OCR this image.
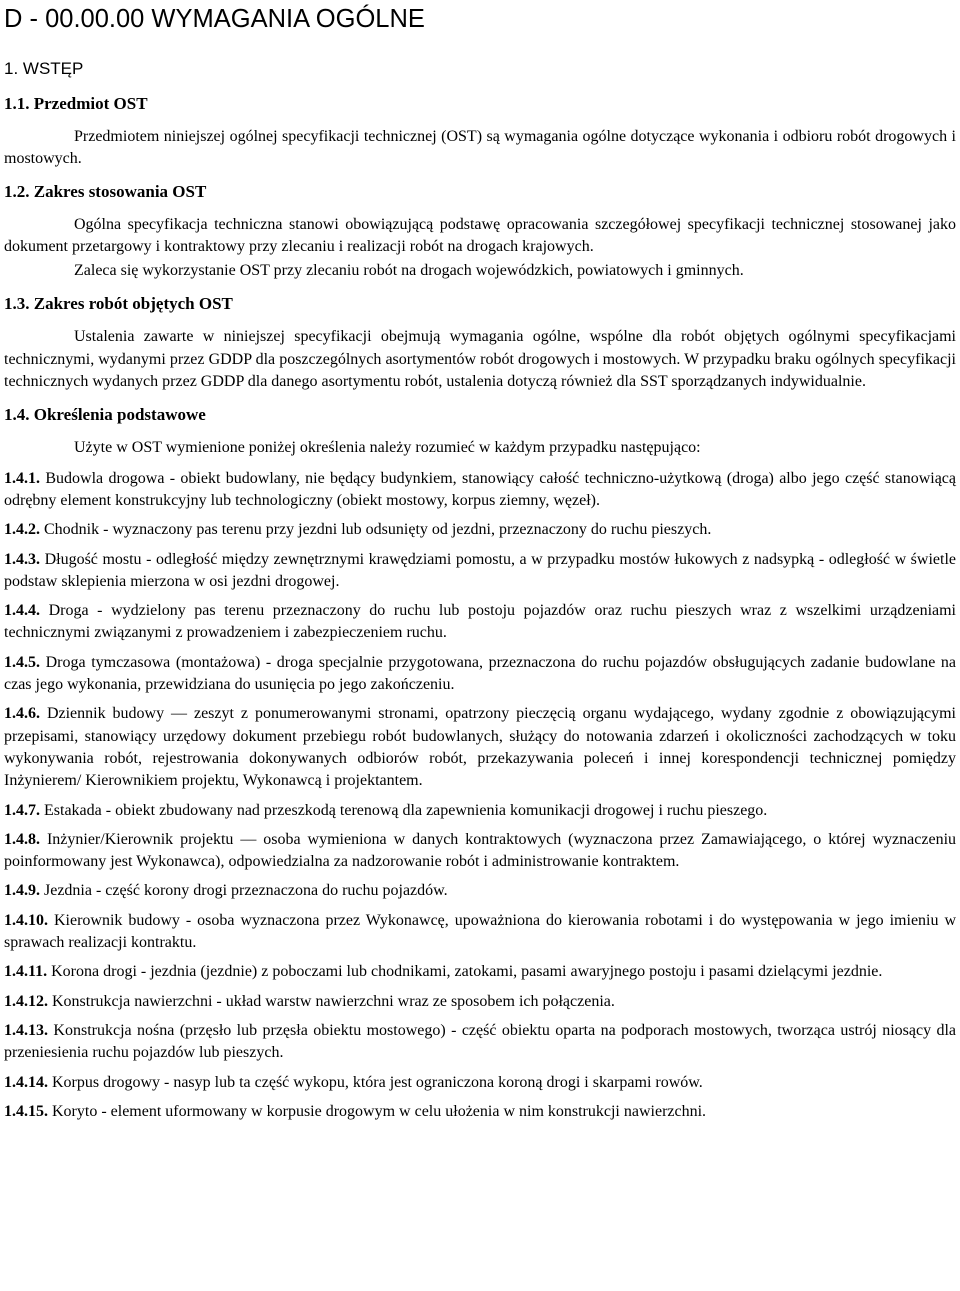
D - 00.00.00 WYMAGANIA OGÓLNE
1. WSTĘP
1.1. Przedmiot OST

Przedmiotem niniejszej ogólnej specyfikacji technicznej (OST) są wymagania ogólne dotyczące wykonania i odbioru robót drogowych i mostowych.

1.2. Zakres stosowania OST

Ogólna specyfikacja techniczna stanowi obowiązującą podstawę opracowania szczegółowej specyfikacji technicznej stosowanej jako dokument przetargowy i kontraktowy przy zlecaniu i realizacji robót na drogach krajowych.

Zaleca się wykorzystanie OST przy zlecaniu robót na drogach wojewódzkich, powiatowych i gminnych.

1.3. Zakres robót objętych OST

Ustalenia zawarte w niniejszej specyfikacji obejmują wymagania ogólne, wspólne dla robót objętych ogólnymi specyfikacjami technicznymi, wydanymi przez GDDP dla poszczególnych asortymentów robót drogowych i mostowych. W przypadku braku ogólnych specyfikacji technicznych wydanych przez GDDP dla danego asortymentu robót, ustalenia dotyczą również dla SST sporządzanych indywidualnie.

1.4. Określenia podstawowe

Użyte w OST wymienione poniżej określenia należy rozumieć w każdym przypadku następująco:

1.4.1. Budowla drogowa - obiekt budowlany, nie będący budynkiem, stanowiący całość techniczno-użytkową (droga) albo jego część stanowiącą odrębny element konstrukcyjny lub technologiczny (obiekt mostowy, korpus ziemny, węzeł).

1.4.2. Chodnik - wyznaczony pas terenu przy jezdni lub odsunięty od jezdni, przeznaczony do ruchu pieszych.

1.4.3. Długość mostu - odległość między zewnętrznymi krawędziami pomostu, a w przypadku mostów łukowych z nadsypką - odległość w świetle podstaw sklepienia mierzona w osi jezdni drogowej.

1.4.4. Droga - wydzielony pas terenu przeznaczony do ruchu lub postoju pojazdów oraz ruchu pieszych wraz z wszelkimi urządzeniami technicznymi związanymi z prowadzeniem i zabezpieczeniem ruchu.

1.4.5. Droga tymczasowa (montażowa) - droga specjalnie przygotowana, przeznaczona do ruchu pojazdów obsługujących zadanie budowlane na czas jego wykonania, przewidziana do usunięcia po jego zakończeniu.

1.4.6. Dziennik budowy — zeszyt z ponumerowanymi stronami, opatrzony pieczęcią organu wydającego, wydany zgodnie z obowiązującymi przepisami, stanowiący urzędowy dokument przebiegu robót budowlanych, służący do notowania zdarzeń i okoliczności zachodzących w toku wykonywania robót, rejestrowania dokonywanych odbiorów robót, przekazywania poleceń i innej korespondencji technicznej pomiędzy Inżynierem/ Kierownikiem projektu, Wykonawcą i projektantem.

1.4.7. Estakada - obiekt zbudowany nad przeszkodą terenową dla zapewnienia komunikacji drogowej i ruchu pieszego.

1.4.8. Inżynier/Kierownik projektu — osoba wymieniona w danych kontraktowych (wyznaczona przez Zamawiającego, o której wyznaczeniu poinformowany jest Wykonawca), odpowiedzialna za nadzorowanie robót i administrowanie kontraktem.

1.4.9. Jezdnia - część korony drogi przeznaczona do ruchu pojazdów.

1.4.10. Kierownik budowy - osoba wyznaczona przez Wykonawcę, upoważniona do kierowania robotami i do występowania w jego imieniu w sprawach realizacji kontraktu.

1.4.11. Korona drogi - jezdnia (jezdnie) z poboczami lub chodnikami, zatokami, pasami awaryjnego postoju i pasami dzielącymi jezdnie.

1.4.12. Konstrukcja nawierzchni - układ warstw nawierzchni wraz ze sposobem ich połączenia.

1.4.13. Konstrukcja nośna (przęsło lub przęsła obiektu mostowego) - część obiektu oparta na podporach mostowych, tworząca ustrój niosący dla przeniesienia ruchu pojazdów lub pieszych.

1.4.14. Korpus drogowy - nasyp lub ta część wykopu, która jest ograniczona koroną drogi i skarpami rowów.

1.4.15. Koryto - element uformowany w korpusie drogowym w celu ułożenia w nim konstrukcji nawierzchni.
